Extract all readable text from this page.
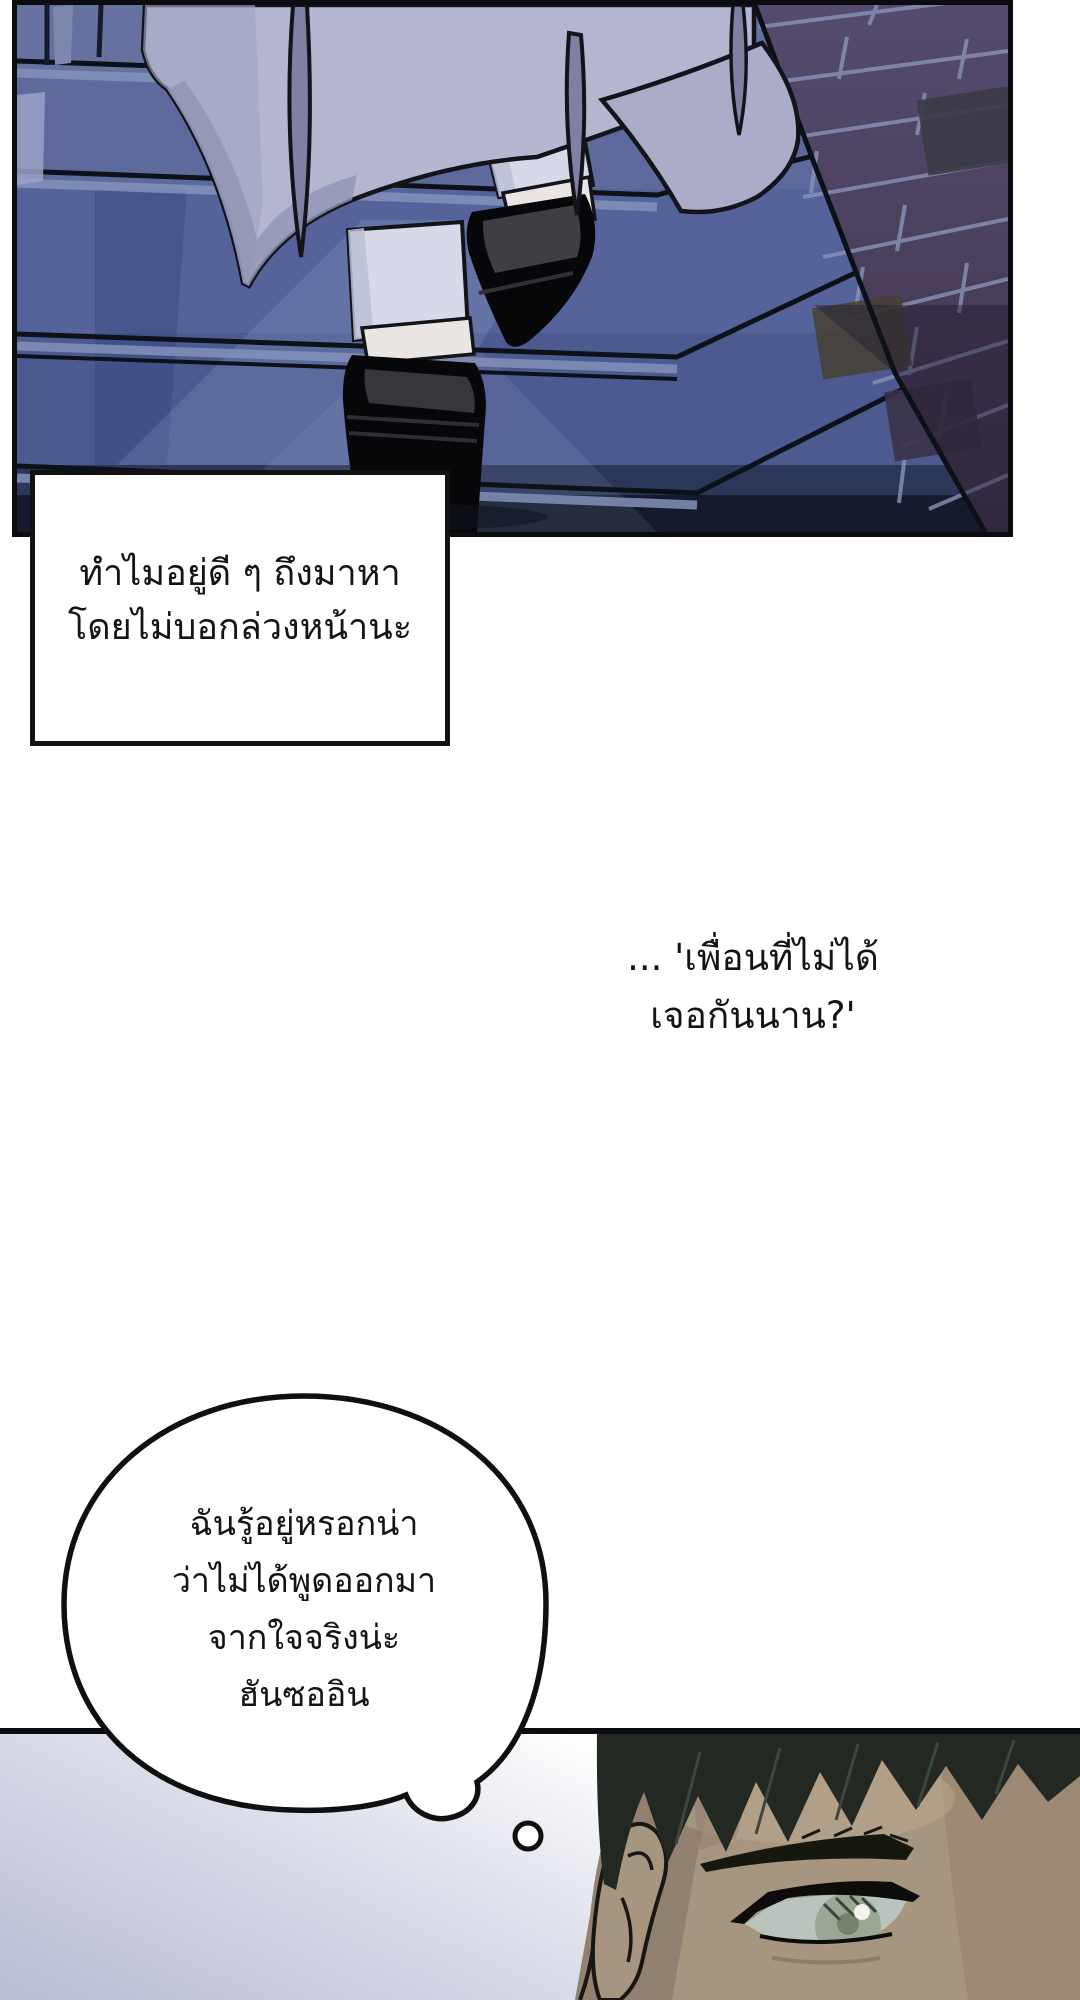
ทำไมอยู่ดี ๆ ถึงมาหา
โดยไม่บอกล่วงหน้านะ
... 'เพื่อนที่ไม่ได้
เจอกันนาน?'
ฉันรู้อยู่หรอกน่า
ว่าไม่ได้พูดออกมา
จากใจจริงน่ะ
ฮันซออิน
